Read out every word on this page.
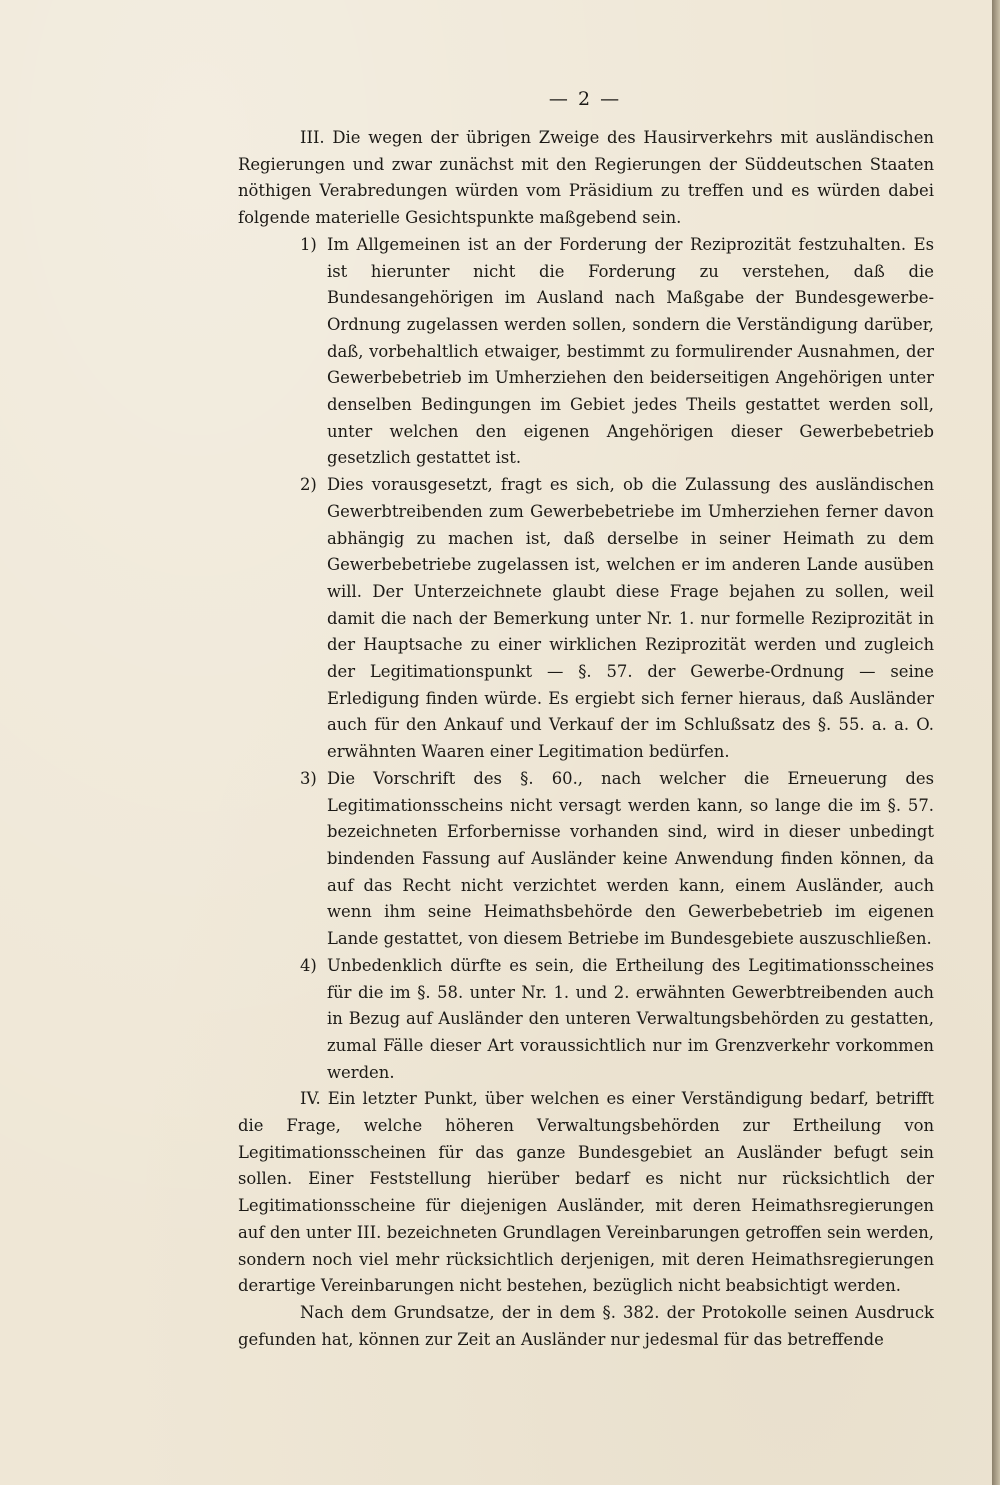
— 2 —

III. Die wegen der übrigen Zweige des Hausirverkehrs mit ausländischen Regierungen und zwar zunächst mit den Regierungen der Süddeutschen Staaten nöthigen Verabredungen würden vom Präsidium zu treffen und es würden dabei folgende materielle Gesichtspunkte maßgebend sein.

1) Im Allgemeinen ist an der Forderung der Reziprozität festzuhalten. Es ist hierunter nicht die Forderung zu verstehen, daß die Bundesangehörigen im Ausland nach Maßgabe der Bundesgewerbe-Ordnung zugelassen werden sollen, sondern die Verständigung darüber, daß, vorbehaltlich etwaiger, bestimmt zu formulirender Ausnahmen, der Gewerbebetrieb im Umherziehen den beiderseitigen Angehörigen unter denselben Bedingungen im Gebiet jedes Theils gestattet werden soll, unter welchen den eigenen Angehörigen dieser Gewerbebetrieb gesetzlich gestattet ist.

2) Dies vorausgesetzt, fragt es sich, ob die Zulassung des ausländischen Gewerbtreibenden zum Gewerbebetriebe im Umherziehen ferner davon abhängig zu machen ist, daß derselbe in seiner Heimath zu dem Gewerbebetriebe zugelassen ist, welchen er im anderen Lande ausüben will. Der Unterzeichnete glaubt diese Frage bejahen zu sollen, weil damit die nach der Bemerkung unter Nr. 1. nur formelle Reziprozität in der Hauptsache zu einer wirklichen Reziprozität werden und zugleich der Legitimationspunkt — §. 57. der Gewerbe-Ordnung — seine Erledigung finden würde. Es ergiebt sich ferner hieraus, daß Ausländer auch für den Ankauf und Verkauf der im Schlußsatz des §. 55. a. a. O. erwähnten Waaren einer Legitimation bedürfen.

3) Die Vorschrift des §. 60., nach welcher die Erneuerung des Legitimationsscheins nicht versagt werden kann, so lange die im §. 57. bezeichneten Erforbernisse vorhanden sind, wird in dieser unbedingt bindenden Fassung auf Ausländer keine Anwendung finden können, da auf das Recht nicht verzichtet werden kann, einem Ausländer, auch wenn ihm seine Heimathsbehörde den Gewerbebetrieb im eigenen Lande gestattet, von diesem Betriebe im Bundesgebiete auszuschließen.

4) Unbedenklich dürfte es sein, die Ertheilung des Legitimationsscheines für die im §. 58. unter Nr. 1. und 2. erwähnten Gewerbtreibenden auch in Bezug auf Ausländer den unteren Verwaltungsbehörden zu gestatten, zumal Fälle dieser Art voraussichtlich nur im Grenzverkehr vorkommen werden.

IV. Ein letzter Punkt, über welchen es einer Verständigung bedarf, betrifft die Frage, welche höheren Verwaltungsbehörden zur Ertheilung von Legitimationsscheinen für das ganze Bundesgebiet an Ausländer befugt sein sollen. Einer Feststellung hierüber bedarf es nicht nur rücksichtlich der Legitimationsscheine für diejenigen Ausländer, mit deren Heimathsregierungen auf den unter III. bezeichneten Grundlagen Vereinbarungen getroffen sein werden, sondern noch viel mehr rücksichtlich derjenigen, mit deren Heimathsregierungen derartige Vereinbarungen nicht bestehen, bezüglich nicht beabsichtigt werden.

Nach dem Grundsatze, der in dem §. 382. der Protokolle seinen Ausdruck gefunden hat, können zur Zeit an Ausländer nur jedesmal für das betreffende
